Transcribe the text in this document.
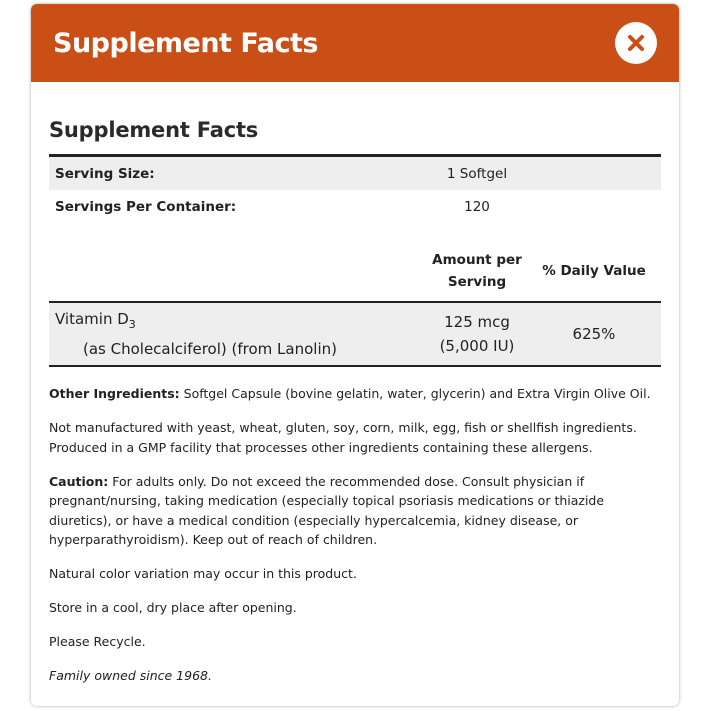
Supplement Facts
Supplement Facts
Serving Size:	1 Softgel
Servings Per Container:	120
Amount per
Serving
% Daily Value
Vitamin $D_3$
(as Cholecalciferol) (from Lanolin)
125 mcg
(5,000 IU)
625%

Other Ingredients: Softgel Capsule (bovine gelatin, water, glycerin) and Extra Virgin Olive Oil.

Not manufactured with yeast, wheat, gluten, soy, corn, milk, egg, fish or shellfish ingredients. Produced in a GMP facility that processes other ingredients containing these allergens.

Caution: For adults only. Do not exceed the recommended dose. Consult physician if pregnant/nursing, taking medication (especially topical psoriasis medications or thiazide diuretics), or have a medical condition (especially hypercalcemia, kidney disease, or hyperparathyroidism). Keep out of reach of children.

Natural color variation may occur in this product.

Store in a cool, dry place after opening.

Please Recycle.

Family owned since 1968.
